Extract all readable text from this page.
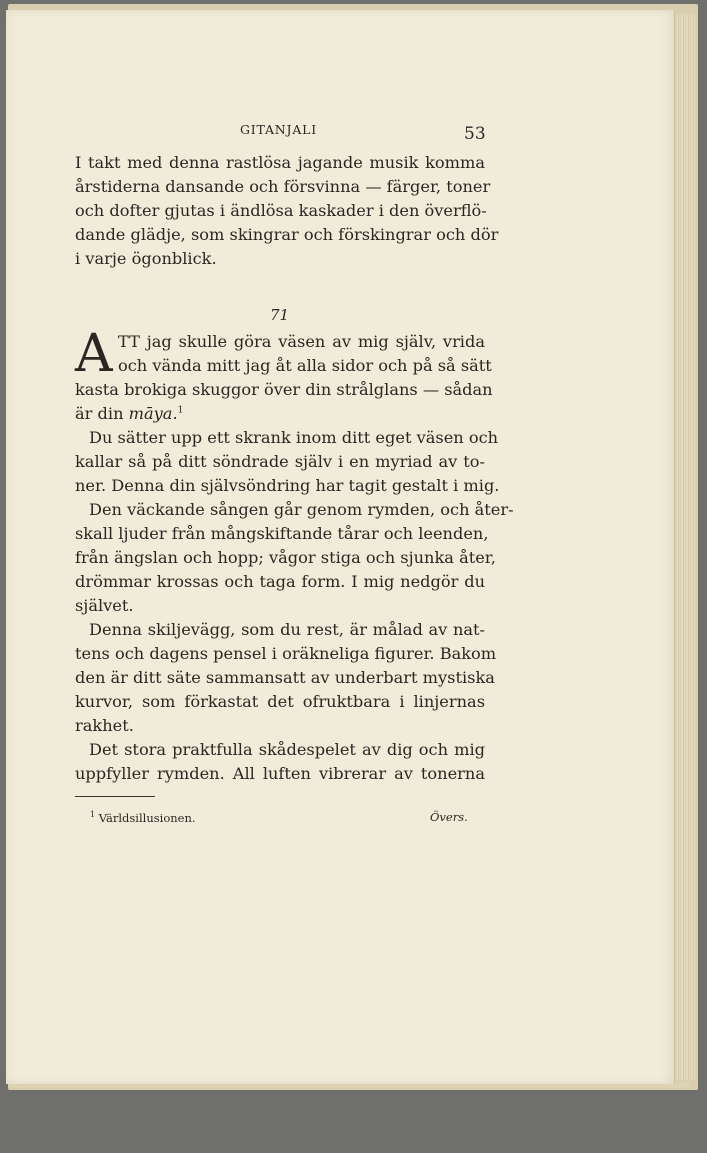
GITANJALI	53
I takt med denna rastlösa jagande musik komma
årstiderna dansande och försvinna — färger, toner
och dofter gjutas i ändlösa kaskader i den överflö-
dande glädje, som skingrar och förskingrar och dör
i varje ögonblick.
71
A TT jag skulle göra väsen av mig själv, vrida
och vända mitt jag åt alla sidor och på så sätt
kasta brokiga skuggor över din strålglans — sådan
är din māya.$^1$
Du sätter upp ett skrank inom ditt eget väsen och
kallar så på ditt söndrade själv i en myriad av to-
ner. Denna din självsöndring har tagit gestalt i mig.
Den väckande sången går genom rymden, och åter-
skall ljuder från mångskiftande tårar och leenden,
från ängslan och hopp; vågor stiga och sjunka åter,
drömmar krossas och taga form. I mig nedgör du
självet.
Denna skiljevägg, som du rest, är målad av nat-
tens och dagens pensel i oräkneliga figurer. Bakom
den är ditt säte sammansatt av underbart mystiska
kurvor, som förkastat det ofruktbara i linjernas
rakhet.
Det stora praktfulla skådespelet av dig och mig
uppfyller rymden. All luften vibrerar av tonerna
$^1$ Världsillusionen.	Övers.
